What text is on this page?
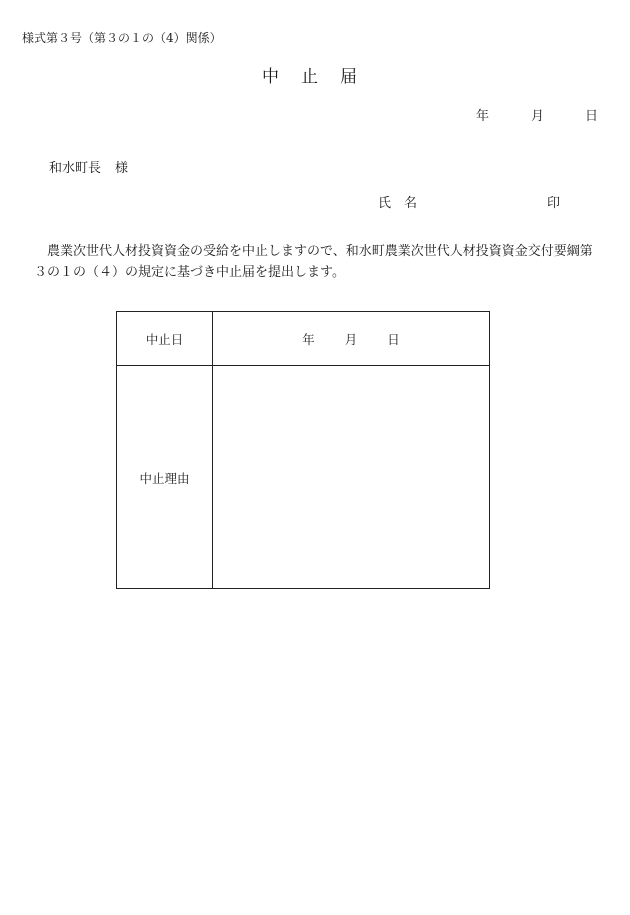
様式第３号（第３の１の（4）関係）
中 止 届
年	月	日
和水町長 様
氏　名	印
農業次世代人材投資資金の受給を中止しますので、和水町農業次世代人材投資資金交付要綱第
３の１の（４）の規定に基づき中止届を提出します。
中止日	年 月 日
中止理由
